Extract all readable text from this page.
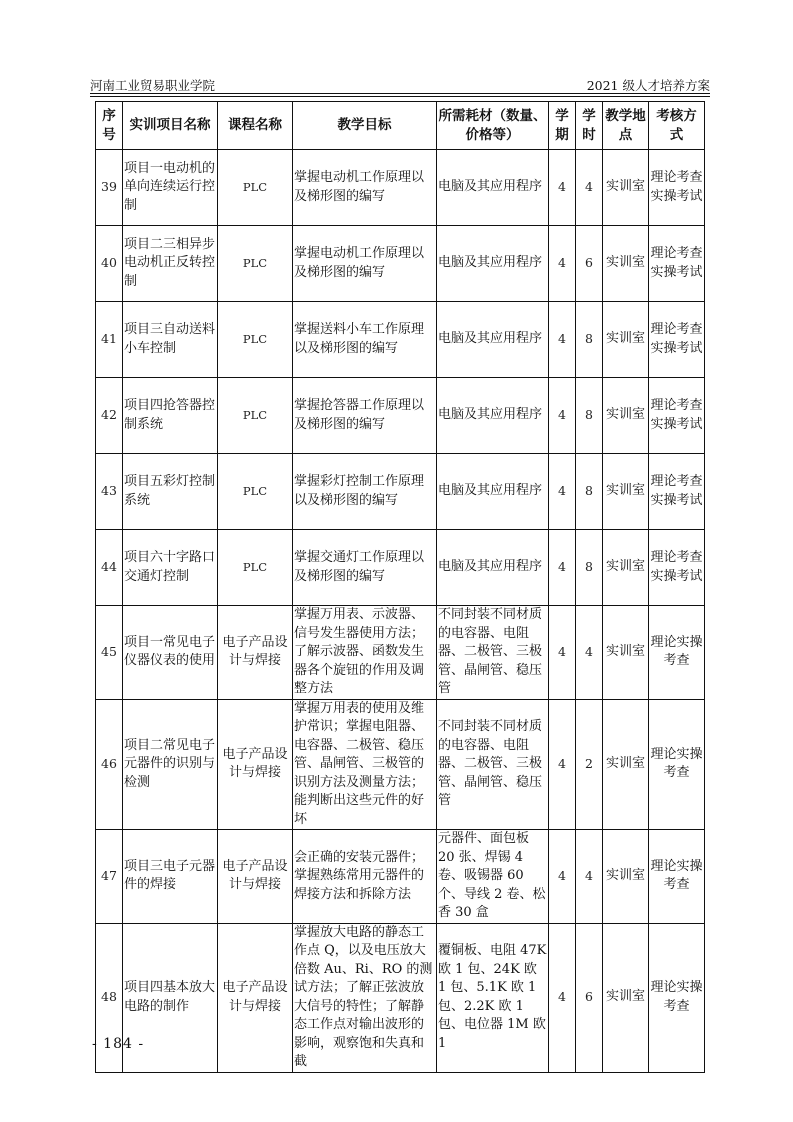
河南工业贸易职业学院	2021 级人才培养方案
序号	实训项目名称	课程名称	教学目标	所需耗材（数量、价格等）	学期	学时	教学地点	考核方式
39	项目一电动机的单向连续运行控制	PLC	掌握电动机工作原理以及梯形图的编写	电脑及其应用程序	4	4	实训室	理论考查实操考试
40	项目二三相异步电动机正反转控制	PLC	掌握电动机工作原理以及梯形图的编写	电脑及其应用程序	4	6	实训室	理论考查实操考试
41	项目三自动送料小车控制	PLC	掌握送料小车工作原理以及梯形图的编写	电脑及其应用程序	4	8	实训室	理论考查实操考试
42	项目四抢答器控制系统	PLC	掌握抢答器工作原理以及梯形图的编写	电脑及其应用程序	4	8	实训室	理论考查实操考试
43	项目五彩灯控制系统	PLC	掌握彩灯控制工作原理以及梯形图的编写	电脑及其应用程序	4	8	实训室	理论考查实操考试
44	项目六十字路口交通灯控制	PLC	掌握交通灯工作原理以及梯形图的编写	电脑及其应用程序	4	8	实训室	理论考查实操考试
45	项目一常见电子仪器仪表的使用	电子产品设计与焊接	掌握万用表、示波器、信号发生器使用方法；了解示波器、函数发生器各个旋钮的作用及调整方法	不同封装不同材质的电容器、电阻器、二极管、三极管、晶闸管、稳压管	4	4	实训室	理论实操考查
46	项目二常见电子元器件的识别与检测	电子产品设计与焊接	掌握万用表的使用及维护常识；掌握电阻器、电容器、二极管、稳压管、晶闸管、三极管的识别方法及测量方法；能判断出这些元件的好坏	不同封装不同材质的电容器、电阻器、二极管、三极管、晶闸管、稳压管	4	2	实训室	理论实操考查
47	项目三电子元器件的焊接	电子产品设计与焊接	会正确的安装元器件；掌握熟练常用元器件的焊接方法和拆除方法	元器件、面包板 20 张、焊锡 4 卷、吸锡器 60 个、导线 2 卷、松香 30 盒	4	4	实训室	理论实操考查
48	项目四基本放大电路的制作	电子产品设计与焊接	掌握放大电路的静态工作点 Q，以及电压放大倍数 Au、Ri、RO 的测试方法；了解正弦波放大信号的特性；了解静态工作点对输出波形的影响，观察饱和失真和截	覆铜板、电阻 47K 欧 1 包、24K 欧 1 包、5.1K 欧 1 包、2.2K 欧 1 包、电位器 1M 欧 1	4	6	实训室	理论实操考查
- 184 -
